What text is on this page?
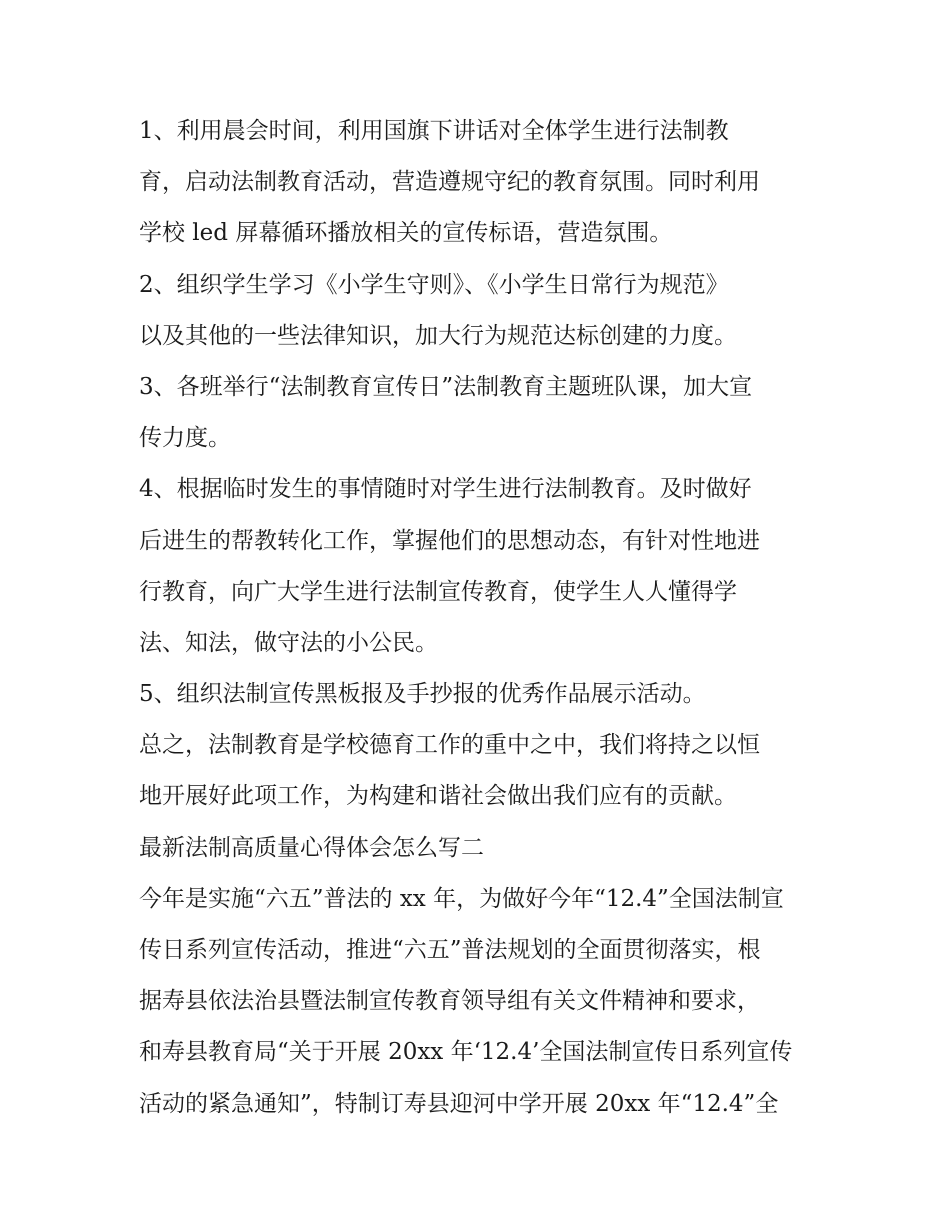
1、利用晨会时间，利用国旗下讲话对全体学生进行法制教
育，启动法制教育活动，营造遵规守纪的教育氛围。同时利用
学校 led 屏幕循环播放相关的宣传标语，营造氛围。
2、组织学生学习《小学生守则》、《小学生日常行为规范》
以及其他的一些法律知识，加大行为规范达标创建的力度。
3、各班举行“法制教育宣传日”法制教育主题班队课，加大宣
传力度。
4、根据临时发生的事情随时对学生进行法制教育。及时做好
后进生的帮教转化工作，掌握他们的思想动态，有针对性地进
行教育，向广大学生进行法制宣传教育，使学生人人懂得学
法、知法，做守法的小公民。
5、组织法制宣传黑板报及手抄报的优秀作品展示活动。
总之，法制教育是学校德育工作的重中之中，我们将持之以恒
地开展好此项工作，为构建和谐社会做出我们应有的贡献。
最新法制高质量心得体会怎么写二
今年是实施“六五”普法的 xx 年，为做好今年“12.4”全国法制宣
传日系列宣传活动，推进“六五”普法规划的全面贯彻落实，根
据寿县依法治县暨法制宣传教育领导组有关文件精神和要求，
和寿县教育局“关于开展 20xx 年‘12.4’全国法制宣传日系列宣传
活动的紧急通知”，特制订寿县迎河中学开展 20xx 年“12.4”全
